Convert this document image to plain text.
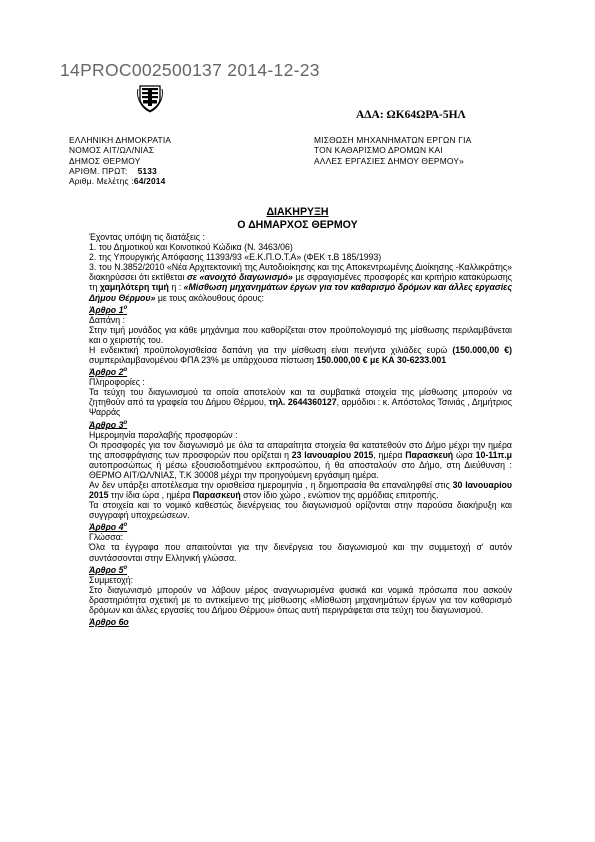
14PROC002500137 2014-12-23
ΑΔΑ: ΩΚ64ΩΡΑ-5ΗΛ
ΕΛΛΗΝΙΚΗ ΔΗΜΟΚΡΑΤΙΑ
ΝΟΜΟΣ ΑΙΤ/ΩΛ/ΝΙΑΣ
ΔΗΜΟΣ ΘΕΡΜΟΥ
ΑΡΙΘΜ. ΠΡΩΤ: 5133
Αριθμ. Μελέτης :64/2014
ΜΙΣΘΩΣΗ ΜΗΧΑΝΗΜΑΤΩΝ ΕΡΓΩΝ ΓΙΑ
ΤΟΝ ΚΑΘΑΡΙΣΜΟ ΔΡΟΜΩΝ ΚΑΙ
ΑΛΛΕΣ ΕΡΓΑΣΙΕΣ ΔΗΜΟΥ ΘΕΡΜΟΥ»
ΔΙΑΚΗΡΥΞΗ
Ο ΔΗΜΑΡΧΟΣ ΘΕΡΜΟΥ

Έχοντας υπόψη τις διατάξεις :

1. του Δημοτικού και Κοινοτικού Κώδικα (Ν. 3463/06)

2. της Υπουργικής Απόφασης 11393/93 «Ε.Κ.Π.Ο.Τ.Α» (ΦΕΚ τ.Β 185/1993)

3. του Ν.3852/2010 «Νέα Αρχιτεκτονική της Αυτοδιοίκησης και της Αποκεντρωμένης Διοίκησης -Καλλικράτης» διακηρύσσει ότι εκτίθεται σε «ανοιχτό διαγωνισμό» με σφραγισμένες προσφορές και κριτήριο κατακύρωσης τη χαμηλότερη τιμή η : «Μίσθωση μηχανημάτων έργων για τον καθαρισμό δρόμων και άλλες εργασίες Δήμου Θέρμου» με τους ακόλουθους όρους:

Άρθρο $1^o$

Δαπάνη :

Στην τιμή μονάδος για κάθε μηχάνημα που καθορίζεται στον προϋπολογισμό της μίσθωσης περιλαμβάνεται και ο χειριστής του.

Η ενδεικτική προϋπολογισθείσα δαπάνη για την μίσθωση είναι πενήντα χιλιάδες ευρώ (150.000,00 €) συμπεριλαμβανομένου ΦΠΑ 23% με υπάρχουσα πίστωση 150.000,00 € με ΚΑ 30-6233.001

Άρθρο $2^o$

Πληροφορίες :

Τα τεύχη του διαγωνισμού τα οποία αποτελούν και τα συμβατικά στοιχεία της μίσθωσης μπορούν να ζητηθούν από τα γραφεία του Δήμου Θέρμου, τηλ. 2644360127, αρμόδιοι : κ. Απόστολος Τσινιάς , Δημήτριος Ψαρράς

Άρθρο $3^o$

Ημερομηνία παραλαβής προσφορών :

Οι προσφορές για τον διαγωνισμό με όλα τα απαραίτητα στοιχεία θα κατατεθούν στο Δήμο μέχρι την ημέρα της αποσφράγισης των προσφορών που ορίζεται η 23 Ιανουαρίου 2015, ημέρα Παρασκευή ώρα 10-11π.μ αυτοπροσώπως ή μέσω εξουσιοδοτημένου εκπροσώπου, ή θα αποσταλούν στο Δήμο, στη Διεύθυνση : ΘΕΡΜΟ ΑΙΤ/ΩΛ/ΝΙΑΣ, Τ.Κ 30008 μέχρι την προηγούμενη εργάσιμη ημέρα.

Αν δεν υπάρξει αποτέλεσμα την ορισθείσα ημερομηνία , η δημοπρασία θα επαναληφθεί στις 30 Ιανουαρίου 2015 την ίδια ώρα , ημέρα Παρασκευή στον ίδιο χώρο , ενώπιον της αρμόδιας επιτροπής.

Τα στοιχεία και το νομικό καθεστώς διενέργειας του διαγωνισμού ορίζονται στην παρούσα διακήρυξη και συγγραφή υποχρεώσεων.

Άρθρο $4^o$

Γλώσσα:

Όλα τα έγγραφα που απαιτούνται για την διενέργεια του διαγωνισμού και την συμμετοχή σ' αυτόν συντάσσονται στην Ελληνική γλώσσα.

Άρθρο $5^o$

Συμμετοχή:

Στο διαγωνισμό μπορούν να λάβουν μέρος αναγνωρισμένα φυσικά και νομικά πρόσωπα που ασκούν δραστηριότητα σχετική με το αντικείμενο της μίσθωσης «Μίσθωση μηχανημάτων έργων για τον καθαρισμό δρόμων και άλλες εργασίες του Δήμου Θέρμου» όπως αυτή περιγράφεται στα τεύχη του διαγωνισμού.

Άρθρο 6ο
